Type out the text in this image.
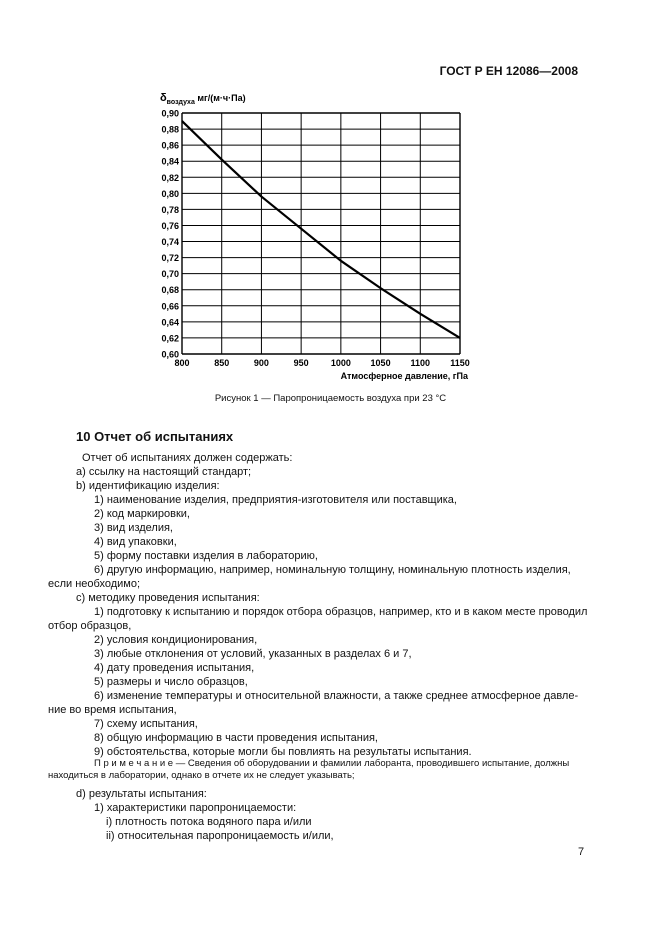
ГОСТ Р ЕН 12086—2008
0,90
0,88
0,86
0,84
0,82
0,80
0,78
0,76
0,74
0,72
0,70
0,68
0,66
0,64
0,62
0,60
800	850	900	950 1000 1050 1100 1150
$\delta_{воздуха}$ мг/(м·ч·Па)
Атмосферное давление, гПа
Рисунок 1 — Паропроницаемость воздуха при 23 °С
10 Отчет об испытаниях
Отчет об испытаниях должен содержать:
a) ссылку на настоящий стандарт;
b) идентификацию изделия:
1) наименование изделия, предприятия-изготовителя или поставщика,
2) код маркировки,
3) вид изделия,
4) вид упаковки,
5) форму поставки изделия в лабораторию,
6) другую информацию, например, номинальную толщину, номинальную плотность изделия,
если необходимо;
c) методику проведения испытания:
1) подготовку к испытанию и порядок отбора образцов, например, кто и в каком месте проводил
отбор образцов,
2) условия кондиционирования,
3) любые отклонения от условий, указанных в разделах 6 и 7,
4) дату проведения испытания,
5) размеры и число образцов,
6) изменение температуры и относительной влажности, а также среднее атмосферное давле-
ние во время испытания,
7) схему испытания,
8) общую информацию в части проведения испытания,
9) обстоятельства, которые могли бы повлиять на результаты испытания.
П р и м е ч а н и е — Сведения об оборудовании и фамилии лаборанта, проводившего испытание, должны
находиться в лаборатории, однако в отчете их не следует указывать;
d) результаты испытания:
1) характеристики паропроницаемости:
i) плотность потока водяного пара и/или
ii) относительная паропроницаемость и/или,
7
